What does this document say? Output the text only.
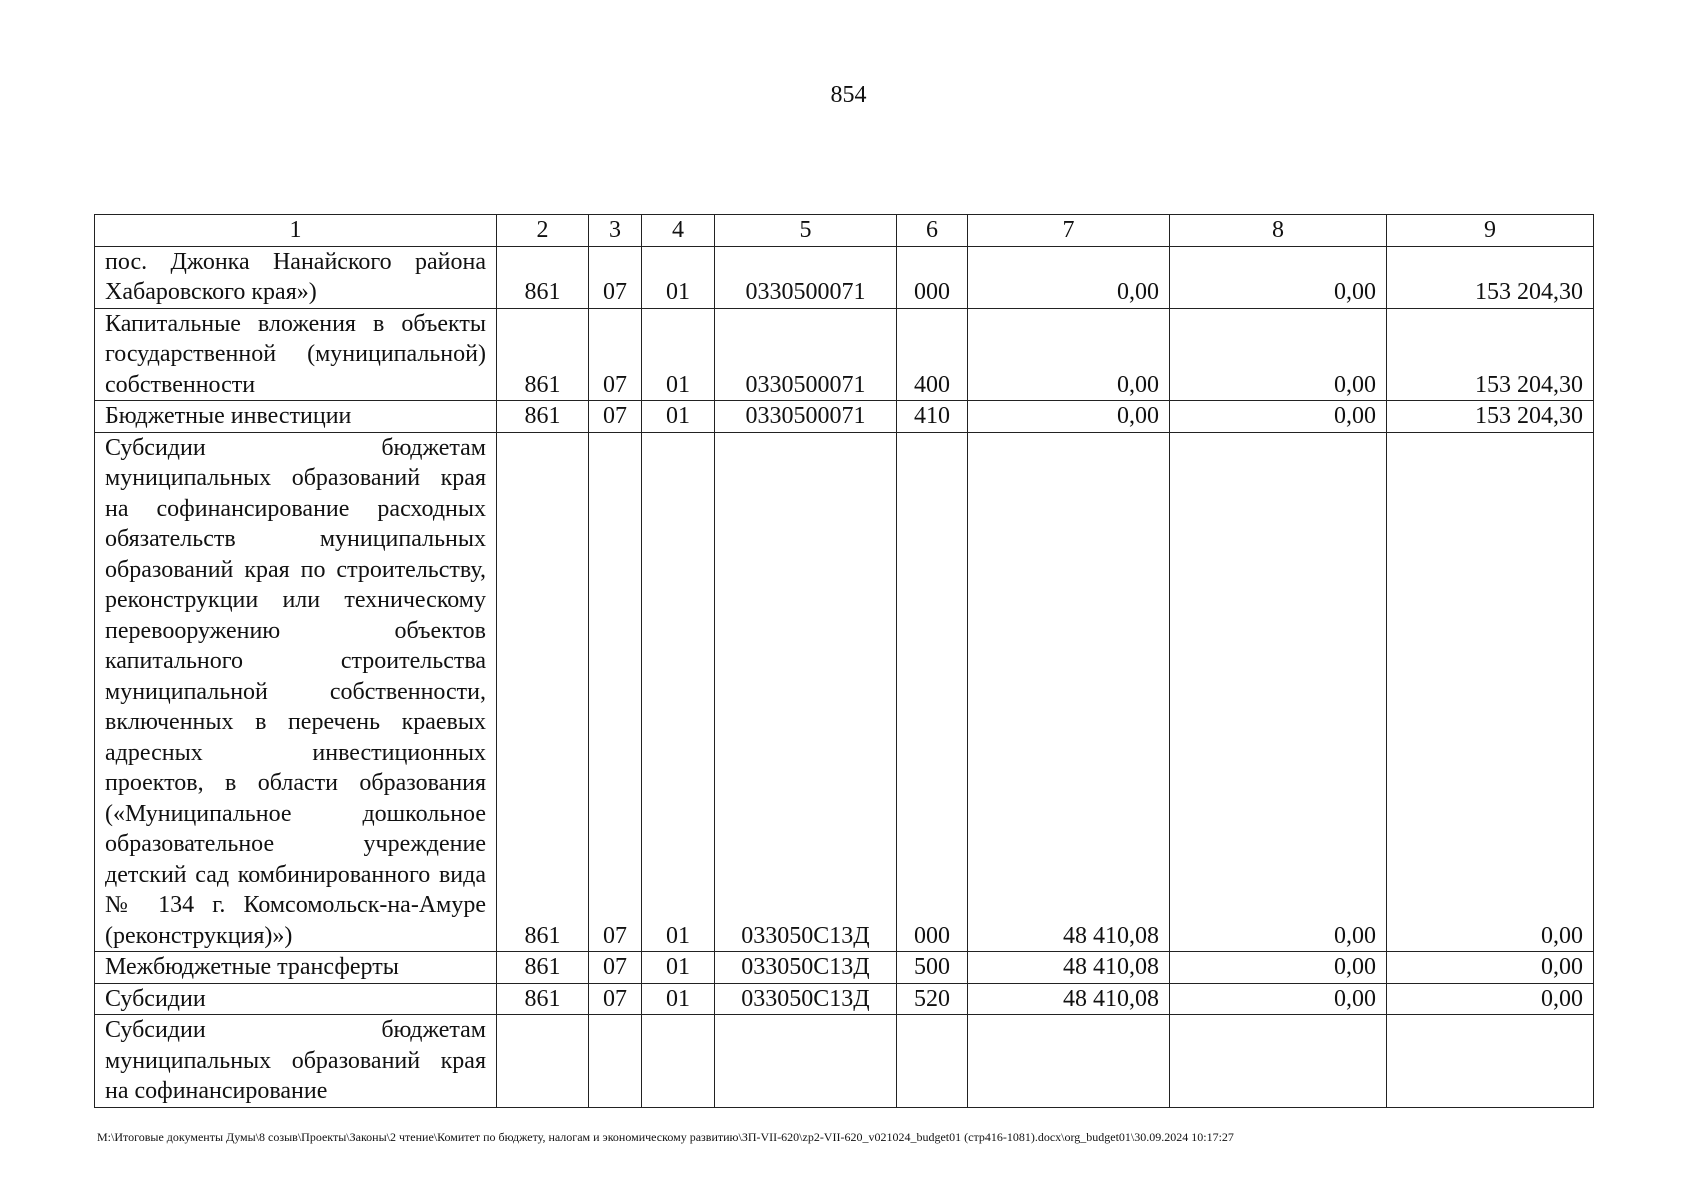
854
1	2	3	4	5	6	7	8	9
пос. Джонка Нанайского района Хабаровского края»)	861	07	01	0330500071	000	0,00	0,00	153 204,30
Капитальные вложения в объекты государственной (муниципальной) собственности	861	07	01	0330500071	400	0,00	0,00	153 204,30
Бюджетные инвестиции	861	07	01	0330500071	410	0,00	0,00	153 204,30
Субсидии бюджетам муниципальных образований края на софинансирование расходных обязательств муниципальных образований края по строительству, реконструкции или техническому перевооружению объектов капитального строительства муниципальной собственности, включенных в перечень краевых адресных инвестиционных проектов, в области образования («Муниципальное дошкольное образовательное учреждение детский сад комбинированного вида № 134 г. Комсомольск-на-Амуре (реконструкция)»)	861	07	01	033050С13Д	000	48 410,08	0,00	0,00
Межбюджетные трансферты	861	07	01	033050С13Д	500	48 410,08	0,00	0,00
Субсидии	861	07	01	033050С13Д	520	48 410,08	0,00	0,00
Субсидии бюджетам муниципальных образований края на софинансирование								
M:\Итоговые документы Думы\8 созыв\Проекты\Законы\2 чтение\Комитет по бюджету, налогам и экономическому развитию\ЗП-VII-620\zp2-VII-620_v021024_budget01 (стр416-1081).docx\org_budget01\30.09.2024 10:17:27
